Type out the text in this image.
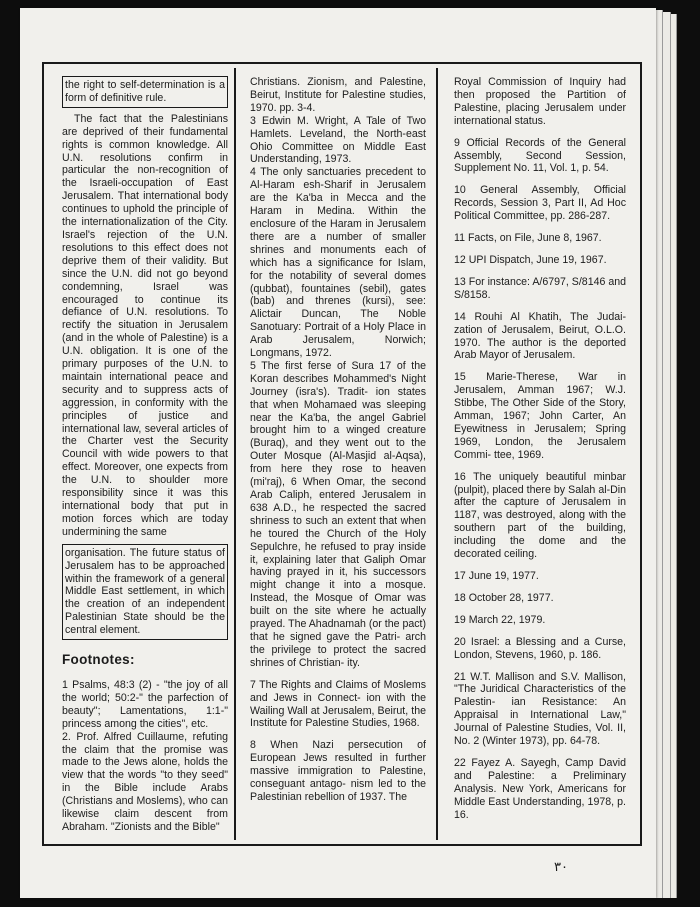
the right to self-determination is a form of definitive rule.

The fact that the Palestinians are deprived of their fundamental rights is common knowledge. All U.N. resolutions confirm in particular the non-recognition of the Israeli-occupation of East Jerusalem. That international body continues to uphold the principle of the internationalization of the City. Israel's rejection of the U.N. resolutions to this effect does not deprive them of their validity. But since the U.N. did not go beyond condemning, Israel was encouraged to continue its defiance of U.N. resolutions. To rectify the situation in Jerusalem (and in the whole of Palestine) is a U.N. obligation. It is one of the primary purposes of the U.N. to maintain international peace and security and to suppress acts of aggression, in conformity with the principles of justice and international law, several articles of the Charter vest the Security Council with wide powers to that effect. Moreover, one expects from the U.N. to shoulder more responsibility since it was this international body that put in motion forces which are today undermining the same

organisation. The future status of Jerusalem has to be approached within the framework of a general Middle East settlement, in which the creation of an independent Palestinian State should be the central element.

Footnotes:

1 Psalms, 48:3 (2) - "the joy of all the world; 50:2-" the parfection of beauty"; Lamentations, 1:1-" princess among the cities", etc.

2. Prof. Alfred Cuillaume, refuting the claim that the promise was made to the Jews alone, holds the view that the words "to they seed" in the Bible include Arabs (Christians and Moslems), who can likewise claim descent from Abraham. "Zionists and the Bible"

Christians. Zionism, and Palestine, Beirut, Institute for Palestine studies, 1970. pp. 3-4.

3 Edwin M. Wright, A Tale of Two Hamlets. Leveland, the North-east Ohio Committee on Middle East Understanding, 1973.

4 The only sanctuaries precedent to Al-Haram esh-Sharif in Jerusalem are the Ka'ba in Mecca and the Haram in Medina. Within the enclosure of the Haram in Jerusalem there are a number of smaller shrines and monuments each of which has a significance for Islam, for the notability of several domes (qubbat), fountaines (sebil), gates (bab) and threnes (kursi), see: Alictair Duncan, The Noble Sanotuary: Portrait of a Holy Place in Arab Jerusalem, Norwich; Longmans, 1972.

5 The first ferse of Sura 17 of the Koran describes Mohammed's Night Journey (isra's). Tradit- ion states that when Mohamaed was sleeping near the Ka'ba, the angel Gabriel brought him to a winged creature (Buraq), and they went out to the Outer Mosque (Al-Masjid al-Aqsa), from here they rose to heaven (mi'raj), 6 When Omar, the second Arab Caliph, entered Jerusalem in 638 A.D., he respected the sacred shriness to such an extent that when he toured the Church of the Holy Sepulchre, he refused to pray inside it, explaining later that Galiph Omar having prayed in it, his successors might change it into a mosque. Instead, the Mosque of Omar was built on the site where he actually prayed. The Ahadnamah (or the pact) that he signed gave the Patri- arch the privilege to protect the sacred shrines of Christian- ity.

7 The Rights and Claims of Moslems and Jews in Connect- ion with the Wailing Wall at Jerusalem, Beirut, the Institute for Palestine Studies, 1968.

8 When Nazi persecution of European Jews resulted in further massive immigration to Palestine, conseguant antago- nism led to the Palestinian rebellion of 1937. The

Royal Commission of Inquiry had then proposed the Partition of Palestine, placing Jerusalem under international status.

9 Official Records of the General Assembly, Second Session, Supplement No. 11, Vol. 1, p. 54.

10 General Assembly, Official Records, Session 3, Part II, Ad Hoc Political Committee, pp. 286-287.

11 Facts, on File, June 8, 1967.

12 UPI Dispatch, June 19, 1967.

13 For instance: A/6797, S/8146 and S/8158.

14 Rouhi Al Khatih, The Judai- zation of Jerusalem, Beirut, O.L.O. 1970. The author is the deported Arab Mayor of Jerusalem.

15 Marie-Therese, War in Jerusalem, Amman 1967; W.J. Stibbe, The Other Side of the Story, Amman, 1967; John Carter, An Eyewitness in Jerusalem; Spring 1969, London, the Jerusalem Commi- ttee, 1969.

16 The uniquely beautiful minbar (pulpit), placed there by Salah al-Din after the capture of Jerusalem in 1187, was destroyed, along with the southern part of the building, including the dome and the decorated ceiling.

17 June 19, 1977.

18 October 28, 1977.

19 March 22, 1979.

20 Israel: a Blessing and a Curse, London, Stevens, 1960, p. 186.

21 W.T. Mallison and S.V. Mallison, "The Juridical Characteristics of the Palestin- ian Resistance: An Appraisal in International Law," Journal of Palestine Studies, Vol. II, No. 2 (Winter 1973), pp. 64-78.

22 Fayez A. Sayegh, Camp David and Palestine: a Preliminary Analysis. New York, Americans for Middle East Understanding, 1978, p. 16.

٣٠
